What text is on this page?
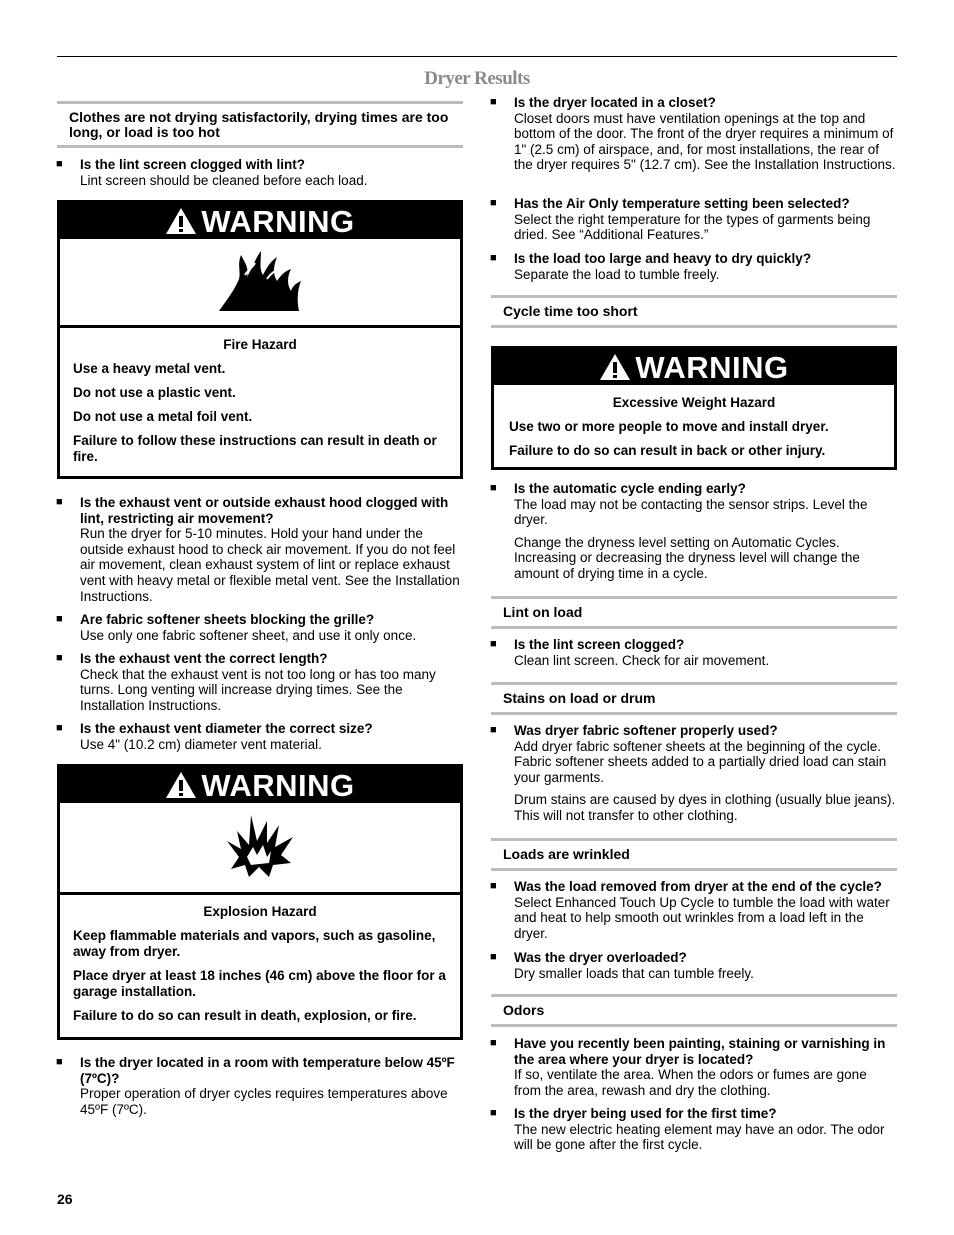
Dryer Results
Clothes are not drying satisfactorily, drying times are too long, or load is too hot
■ Is the lint screen clogged with lint?

Lint screen should be cleaned before each load.

WARNING
Fire Hazard

Use a heavy metal vent.

Do not use a plastic vent.

Do not use a metal foil vent.

Failure to follow these instructions can result in death or fire.

■ Is the exhaust vent or outside exhaust hood clogged with lint, restricting air movement?

Run the dryer for 5-10 minutes. Hold your hand under the outside exhaust hood to check air movement. If you do not feel air movement, clean exhaust system of lint or replace exhaust vent with heavy metal or flexible metal vent. See the Installation Instructions.

■ Are fabric softener sheets blocking the grille?

Use only one fabric softener sheet, and use it only once.

■ Is the exhaust vent the correct length?

Check that the exhaust vent is not too long or has too many turns. Long venting will increase drying times. See the Installation Instructions.

■ Is the exhaust vent diameter the correct size?

Use 4" (10.2 cm) diameter vent material.

WARNING
Explosion Hazard

Keep flammable materials and vapors, such as gasoline, away from dryer.

Place dryer at least 18 inches (46 cm) above the floor for a garage installation.

Failure to do so can result in death, explosion, or fire.

■ Is the dryer located in a room with temperature below 45ºF (7ºC)?

Proper operation of dryer cycles requires temperatures above 45ºF (7ºC).

■ Is the dryer located in a closet?

Closet doors must have ventilation openings at the top and bottom of the door. The front of the dryer requires a minimum of 1" (2.5 cm) of airspace, and, for most installations, the rear of the dryer requires 5" (12.7 cm). See the Installation Instructions.

■ Has the Air Only temperature setting been selected?

Select the right temperature for the types of garments being dried. See “Additional Features.”

■ Is the load too large and heavy to dry quickly?

Separate the load to tumble freely.

Cycle time too short
WARNING
Excessive Weight Hazard

Use two or more people to move and install dryer.

Failure to do so can result in back or other injury.

■ Is the automatic cycle ending early?

The load may not be contacting the sensor strips. Level the dryer.

Change the dryness level setting on Automatic Cycles. Increasing or decreasing the dryness level will change the amount of drying time in a cycle.

Lint on load
■ Is the lint screen clogged?

Clean lint screen. Check for air movement.

Stains on load or drum
■ Was dryer fabric softener properly used?

Add dryer fabric softener sheets at the beginning of the cycle. Fabric softener sheets added to a partially dried load can stain your garments.

Drum stains are caused by dyes in clothing (usually blue jeans). This will not transfer to other clothing.

Loads are wrinkled
■ Was the load removed from dryer at the end of the cycle?

Select Enhanced Touch Up Cycle to tumble the load with water and heat to help smooth out wrinkles from a load left in the dryer.

■ Was the dryer overloaded?

Dry smaller loads that can tumble freely.

Odors
■ Have you recently been painting, staining or varnishing in the area where your dryer is located?

If so, ventilate the area. When the odors or fumes are gone from the area, rewash and dry the clothing.

■ Is the dryer being used for the first time?

The new electric heating element may have an odor. The odor will be gone after the first cycle.

26
